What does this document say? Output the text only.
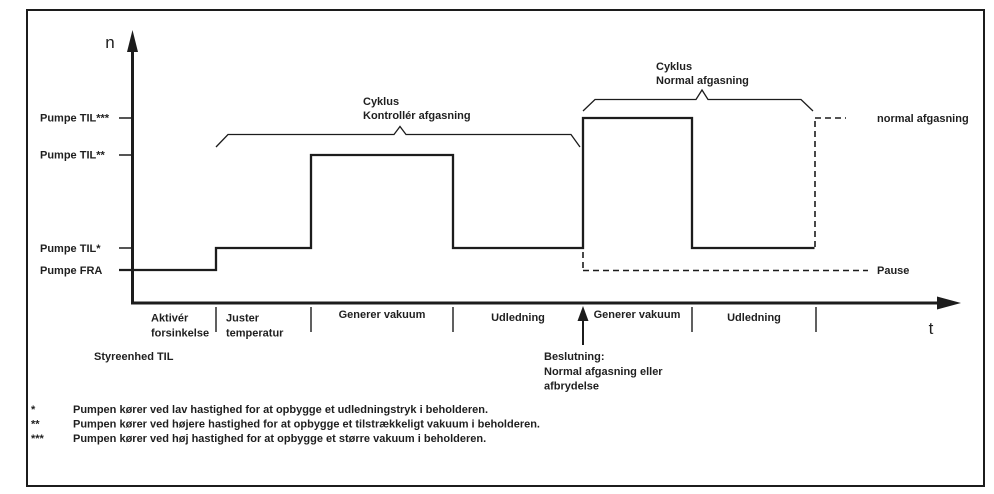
n
t
Pumpe TIL***
Pumpe TIL**
Pumpe TIL*
Pumpe FRA
Cyklus
Kontrollér afgasning
Cyklus
Normal afgasning
normal afgasning
Pause
Aktivér
forsinkelse
Juster
temperatur
Generer vakuum	Udledning	Generer vakuum	Udledning
Styreenhed TIL	Beslutning:
Normal afgasning eller
afbrydelse
*	Pumpen kører ved lav hastighed for at opbygge et udledningstryk i beholderen.
**	Pumpen kører ved højere hastighed for at opbygge et tilstrækkeligt vakuum i beholderen.
***	Pumpen kører ved høj hastighed for at opbygge et større vakuum i beholderen.
